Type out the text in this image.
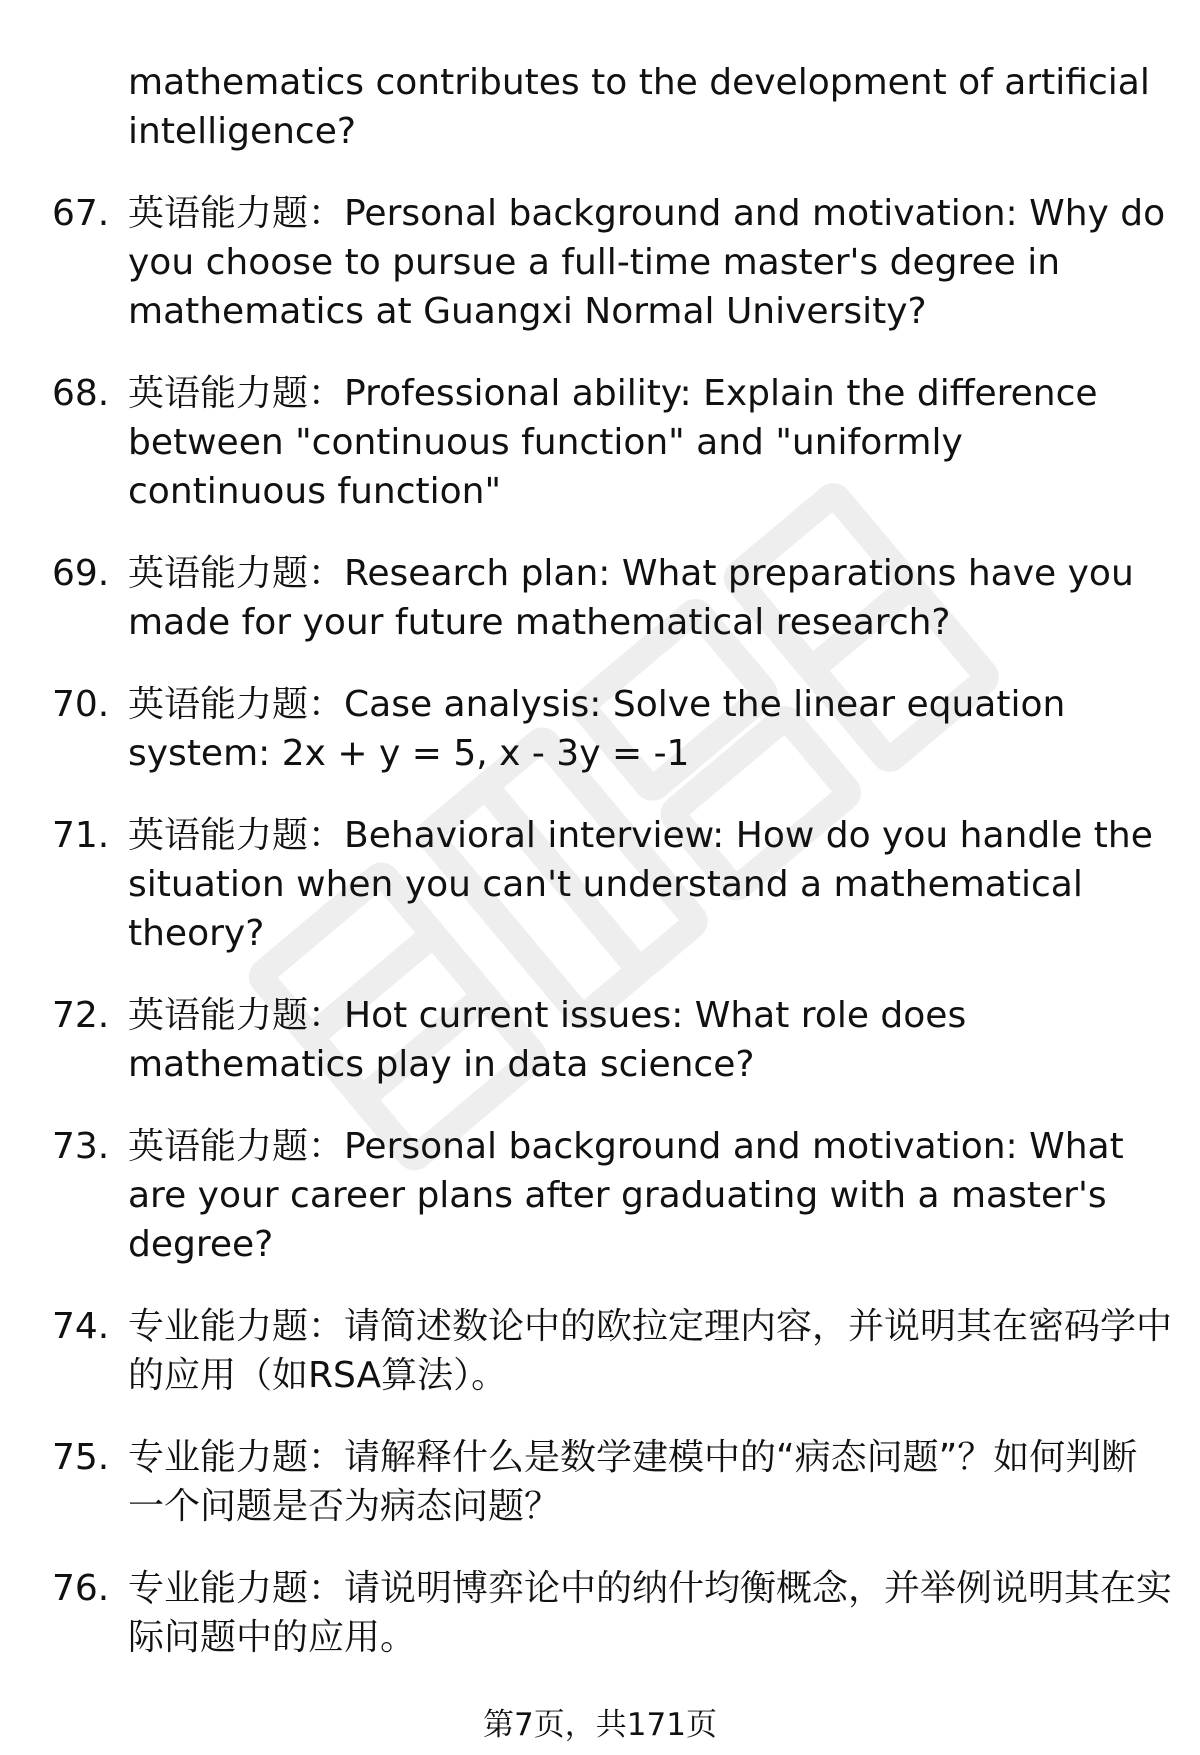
mathematics contributes to the development of artificial intelligence?
67. 英语能力题：Personal background and motivation: Why do you choose to pursue a full-time master's degree in mathematics at Guangxi Normal University?
68. 英语能力题：Professional ability: Explain the difference between "continuous function" and "uniformly continuous function"
69. 英语能力题：Research plan: What preparations have you made for your future mathematical research?
70. 英语能力题：Case analysis: Solve the linear equation system: 2x + y = 5, x - 3y = -1
71. 英语能力题：Behavioral interview: How do you handle the situation when you can't understand a mathematical theory?
72. 英语能力题：Hot current issues: What role does mathematics play in data science?
73. 英语能力题：Personal background and motivation: What are your career plans after graduating with a master's degree?
74. 专业能力题：请简述数论中的欧拉定理内容，并说明其在密码学中的应用（如RSA算法）。
75. 专业能力题：请解释什么是数学建模中的“病态问题”？如何判断一个问题是否为病态问题？
76. 专业能力题：请说明博弈论中的纳什均衡概念，并举例说明其在实际问题中的应用。
第7页，共171页
